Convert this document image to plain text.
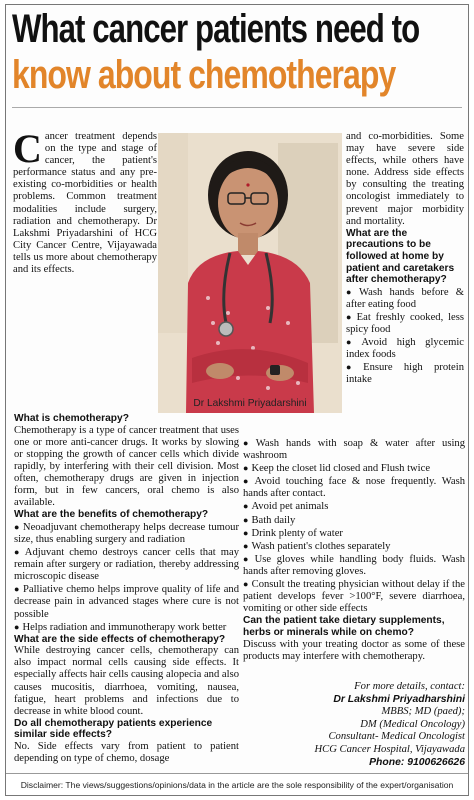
What cancer patients need to
know about chemotherapy

Cancer treatment depends on the type and stage of cancer, the patient's performance status and any pre-existing co-morbidities or health problems. Common treatment modalities include surgery, radiation and chemotherapy. Dr Lakshmi Priyadarshini of HCG City Cancer Centre, Vijayawada tells us more about chemotherapy and its effects.

Dr Lakshmi Priyadarshini

What is chemotherapy?

Chemotherapy is a type of cancer treatment that uses one or more anti-cancer drugs. It works by slowing or stopping the growth of cancer cells which divide rapidly, by interfering with their cell division. Most often, chemotherapy drugs are given in injection form, but in few cancers, oral chemo is also available.

What are the benefits of chemotherapy?

● Neoadjuvant chemotherapy helps decrease tumour size, thus enabling surgery and radiation

● Adjuvant chemo destroys cancer cells that may remain after surgery or radiation, thereby addressing microscopic disease

● Palliative chemo helps improve quality of life and decrease pain in advanced stages where cure is not possible

● Helps radiation and immunotherapy work better

What are the side effects of chemotherapy?

While destroying cancer cells, chemotherapy can also impact normal cells causing side effects. It especially affects hair cells causing alopecia and also causes mucositis, diarrhoea, vomiting, nausea, fatigue, heart problems and infections due to decrease in white blood count.

Do all chemotherapy patients experience similar side effects?

No. Side effects vary from patient to patient depending on type of chemo, dosage

and co-morbidities. Some may have severe side effects, while others have none. Address side effects by consulting the treating oncologist immediately to prevent major morbidity and mortality.

What are the precautions to be followed at home by patient and caretakers after chemotherapy?

● Wash hands before & after eating food

● Eat freshly cooked, less spicy food

● Avoid high glycemic index foods

● Ensure high protein intake

● Wash hands with soap & water after using washroom

● Keep the closet lid closed and Flush twice

● Avoid touching face & nose frequently. Wash hands after contact.

● Avoid pet animals

● Bath daily

● Drink plenty of water

● Wash patient's clothes separately

● Use gloves while handling body fluids. Wash hands after removing gloves.

● Consult the treating physician without delay if the patient develops fever >100°F, severe diarrhoea, vomiting or other side effects

Can the patient take dietary supplements, herbs or minerals while on chemo?

Discuss with your treating doctor as some of these products may interfere with chemotherapy.

For more details, contact:
Dr Lakshmi Priyadharshini
MBBS; MD (paed);
DM (Medical Oncology)
Consultant- Medical Oncologist
HCG Cancer Hospital, Vijayawada
Phone: 9100626626
Disclaimer: The views/suggestions/opinions/data in the article are the sole responsibility of the expert/organisation
